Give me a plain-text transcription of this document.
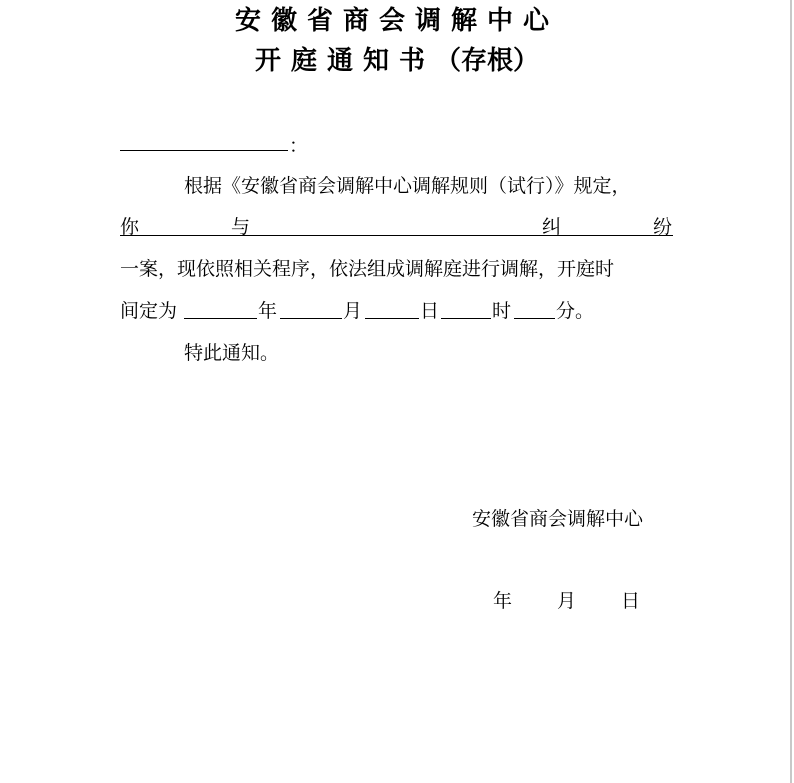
安徽省商会调解中心
开庭通知书（存根）
：
根据《安徽省商会调解中心调解规则（试行）》规定，
你	与	纠	纷
一案，现依照相关程序，依法组成调解庭进行调解，开庭时
间定为	年	月	日	时 分。
特此通知。
安徽省商会调解中心
年 月 日
